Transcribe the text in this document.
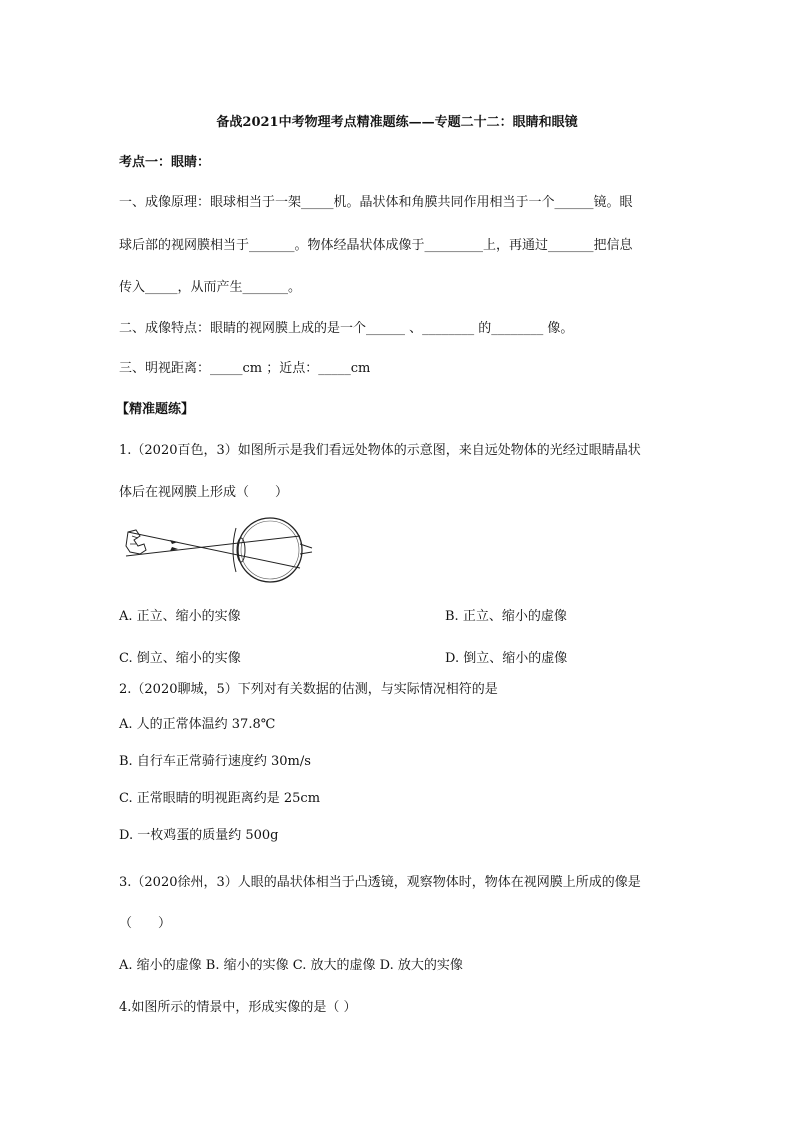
备战2021中考物理考点精准题练——专题二十二：眼睛和眼镜
考点一：眼睛：
一、成像原理：眼球相当于一架_____机。晶状体和角膜共同作用相当于一个______镜。眼
球后部的视网膜相当于_______。物体经晶状体成像于_________上，再通过_______把信息
传入_____，从而产生_______。
二、成像特点：眼睛的视网膜上成的是一个______ 、________ 的________ 像。
三、明视距离：_____cm ；近点：_____cm
【精准题练】
1.（2020百色，3）如图所示是我们看远处物体的示意图，来自远处物体的光经过眼睛晶状
体后在视网膜上形成（　　）
A. 正立、缩小的实像	B. 正立、缩小的虚像
C. 倒立、缩小的实像	D. 倒立、缩小的虚像
2.（2020聊城，5）下列对有关数据的估测，与实际情况相符的是
A. 人的正常体温约 37.8℃
B. 自行车正常骑行速度约 30m/s
C. 正常眼睛的明视距离约是 25cm
D. 一枚鸡蛋的质量约 500g
3.（2020徐州，3）人眼的晶状体相当于凸透镜，观察物体时，物体在视网膜上所成的像是
（　　）
A. 缩小的虚像 B. 缩小的实像 C. 放大的虚像 D. 放大的实像
4.如图所示的情景中，形成实像的是（ ）
